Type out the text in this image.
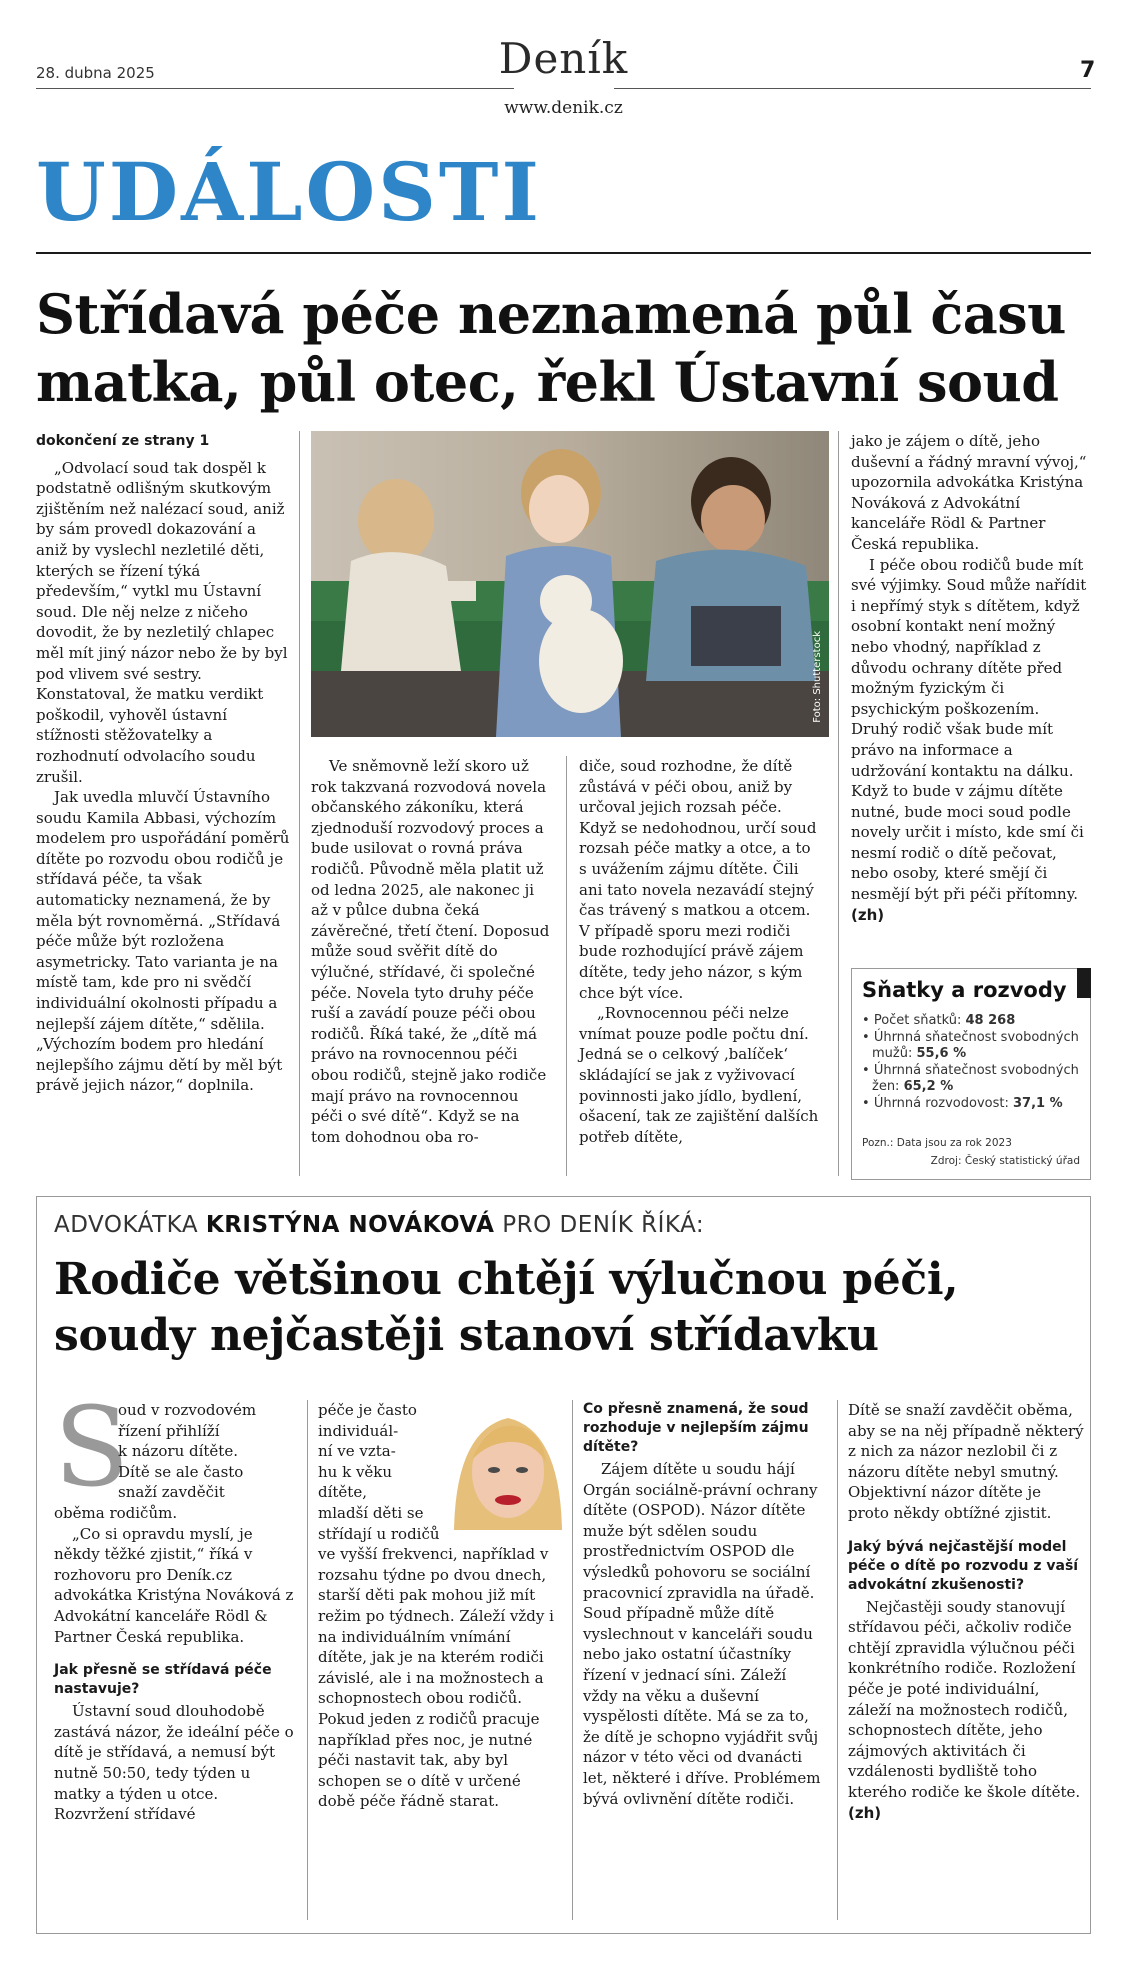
28. dubna 2025	Deník
www.denik.cz
7
UDÁLOSTI
Střídavá péče neznamená půl času
matka, půl otec, řekl Ústavní soud
Foto: Shutterstock

dokončení ze strany 1

„Odvolací soud tak dospěl k podstatně odlišným skutkovým zjištěním než nalézací soud, aniž by sám provedl dokazování a aniž by vyslechl nezletilé děti, kterých se řízení týká především,“ vytkl mu Ústavní soud. Dle něj nelze z ničeho dovodit, že by nezletilý chlapec měl mít jiný názor nebo že by byl pod vlivem své sestry. Konstatoval, že matku verdikt poškodil, vyhověl ústavní stížnosti stěžovatelky a rozhodnutí odvolacího soudu zrušil.

Jak uvedla mluvčí Ústavního soudu Kamila Abbasi, výchozím modelem pro uspořádání poměrů dítěte po rozvodu obou rodičů je střídavá péče, ta však automaticky neznamená, že by měla být rovnoměrná. „Střídavá péče může být rozložena asymetricky. Tato varianta je na místě tam, kde pro ni svědčí individuální okolnosti případu a nejlepší zájem dítěte,“ sdělila. „Výchozím bodem pro hledání nejlepšího zájmu dětí by měl být právě jejich názor,“ doplnila.

Ve sněmovně leží skoro už rok takzvaná rozvodová novela občanského zákoníku, která zjednoduší rozvodový proces a bude usilovat o rovná práva rodičů. Původně měla platit už od ledna 2025, ale nakonec ji až v půlce dubna čeká závěrečné, třetí čtení. Doposud může soud svěřit dítě do výlučné, střídavé, či společné péče. Novela tyto druhy péče ruší a zavádí pouze péči obou rodičů. Říká také, že „dítě má právo na rovnocennou péči obou rodičů, stejně jako rodiče mají právo na rovnocennou péči o své dítě“. Když se na tom dohodnou oba ro-

diče, soud rozhodne, že dítě zůstává v péči obou, aniž by určoval jejich rozsah péče. Když se nedohodnou, určí soud rozsah péče matky a otce, a to s uvážením zájmu dítěte. Čili ani tato novela nezavádí stejný čas trávený s matkou a otcem. V případě sporu mezi rodiči bude rozhodující právě zájem dítěte, tedy jeho názor, s kým chce být více.

„Rovnocennou péči nelze vnímat pouze podle počtu dní. Jedná se o celkový ‚balíček‘ skládající se jak z vyživovací povinnosti jako jídlo, bydlení, ošacení, tak ze zajištění dalších potřeb dítěte,

jako je zájem o dítě, jeho duševní a řádný mravní vývoj,“ upozornila advokátka Kristýna Nováková z Advokátní kanceláře Rödl & Partner Česká republika.

I péče obou rodičů bude mít své výjimky. Soud může nařídit i nepřímý styk s dítětem, když osobní kontakt není možný nebo vhodný, například z důvodu ochrany dítěte před možným fyzickým či psychickým poškozením. Druhý rodič však bude mít právo na informace a udržování kontaktu na dálku. Když to bude v zájmu dítěte nutné, bude moci soud podle novely určit i místo, kde smí či nesmí rodič o dítě pečovat, nebo osoby, které smějí či nesmějí být při péči přítomny. (zh)

Sňatky a rozvody
• Počet sňatků: 48 268
• Úhrnná sňatečnost svobodných mužů: 55,6 %
• Úhrnná sňatečnost svobodných žen: 65,2 %
• Úhrnná rozvodovost: 37,1 %
Pozn.: Data jsou za rok 2023
Zdroj: Český statistický úřad
ADVOKÁTKA KRISTÝNA NOVÁKOVÁ PRO DENÍK ŘÍKÁ:
Rodiče většinou chtějí výlučnou péči,
soudy nejčastěji stanoví střídavku
S
oud v rozvodovém
řízení přihlíží
k názoru dítěte.
Dítě se ale často
snaží zavděčit

oběma rodičům.

„Co si opravdu myslí, je někdy těžké zjistit,“ říká v rozhovoru pro Deník.cz advokátka Kristýna Nováková z Advokátní kanceláře Rödl & Partner Česká republika.

Jak přesně se střídavá péče nastavuje?

Ústavní soud dlouhodobě zastává názor, že ideální péče o dítě je střídavá, a nemusí být nutně 50:50, tedy týden u matky a týden u otce. Rozvržení střídavé

péče je často
individuál-
ní ve vzta-
hu k věku
dítěte,
mladší děti se
střídají u rodičů

ve vyšší frekvenci, například v rozsahu týdne po dvou dnech, starší děti pak mohou již mít režim po týdnech. Záleží vždy i na individuálním vnímání dítěte, jak je na kterém rodiči závislé, ale i na možnostech a schopnostech obou rodičů. Pokud jeden z rodičů pracuje například přes noc, je nutné péči nastavit tak, aby byl schopen se o dítě v určené době péče řádně starat.

Co přesně znamená, že soud rozhoduje v nejlepším zájmu dítěte?

Zájem dítěte u soudu hájí Orgán sociálně-právní ochrany dítěte (OSPOD). Názor dítěte muže být sdělen soudu prostřednictvím OSPOD dle výsledků pohovoru se sociální pracovnicí zpravidla na úřadě. Soud případně může dítě vyslechnout v kanceláři soudu nebo jako ostatní účastníky řízení v jednací síni. Záleží vždy na věku a duševní vyspělosti dítěte. Má se za to, že dítě je schopno vyjádřit svůj názor v této věci od dvanácti let, některé i dříve. Problémem bývá ovlivnění dítěte rodiči.

Dítě se snaží zavděčit oběma, aby se na něj případně některý z nich za názor nezlobil či z názoru dítěte nebyl smutný. Objektivní názor dítěte je proto někdy obtížné zjistit.

Jaký bývá nejčastější model péče o dítě po rozvodu z vaší advokátní zkušenosti?

Nejčastěji soudy stanovují střídavou péči, ačkoliv rodiče chtějí zpravidla výlučnou péči konkrétního rodiče. Rozložení péče je poté individuální, záleží na možnostech rodičů, schopnostech dítěte, jeho zájmových aktivitách či vzdálenosti bydliště toho kterého rodiče ke škole dítěte. (zh)
